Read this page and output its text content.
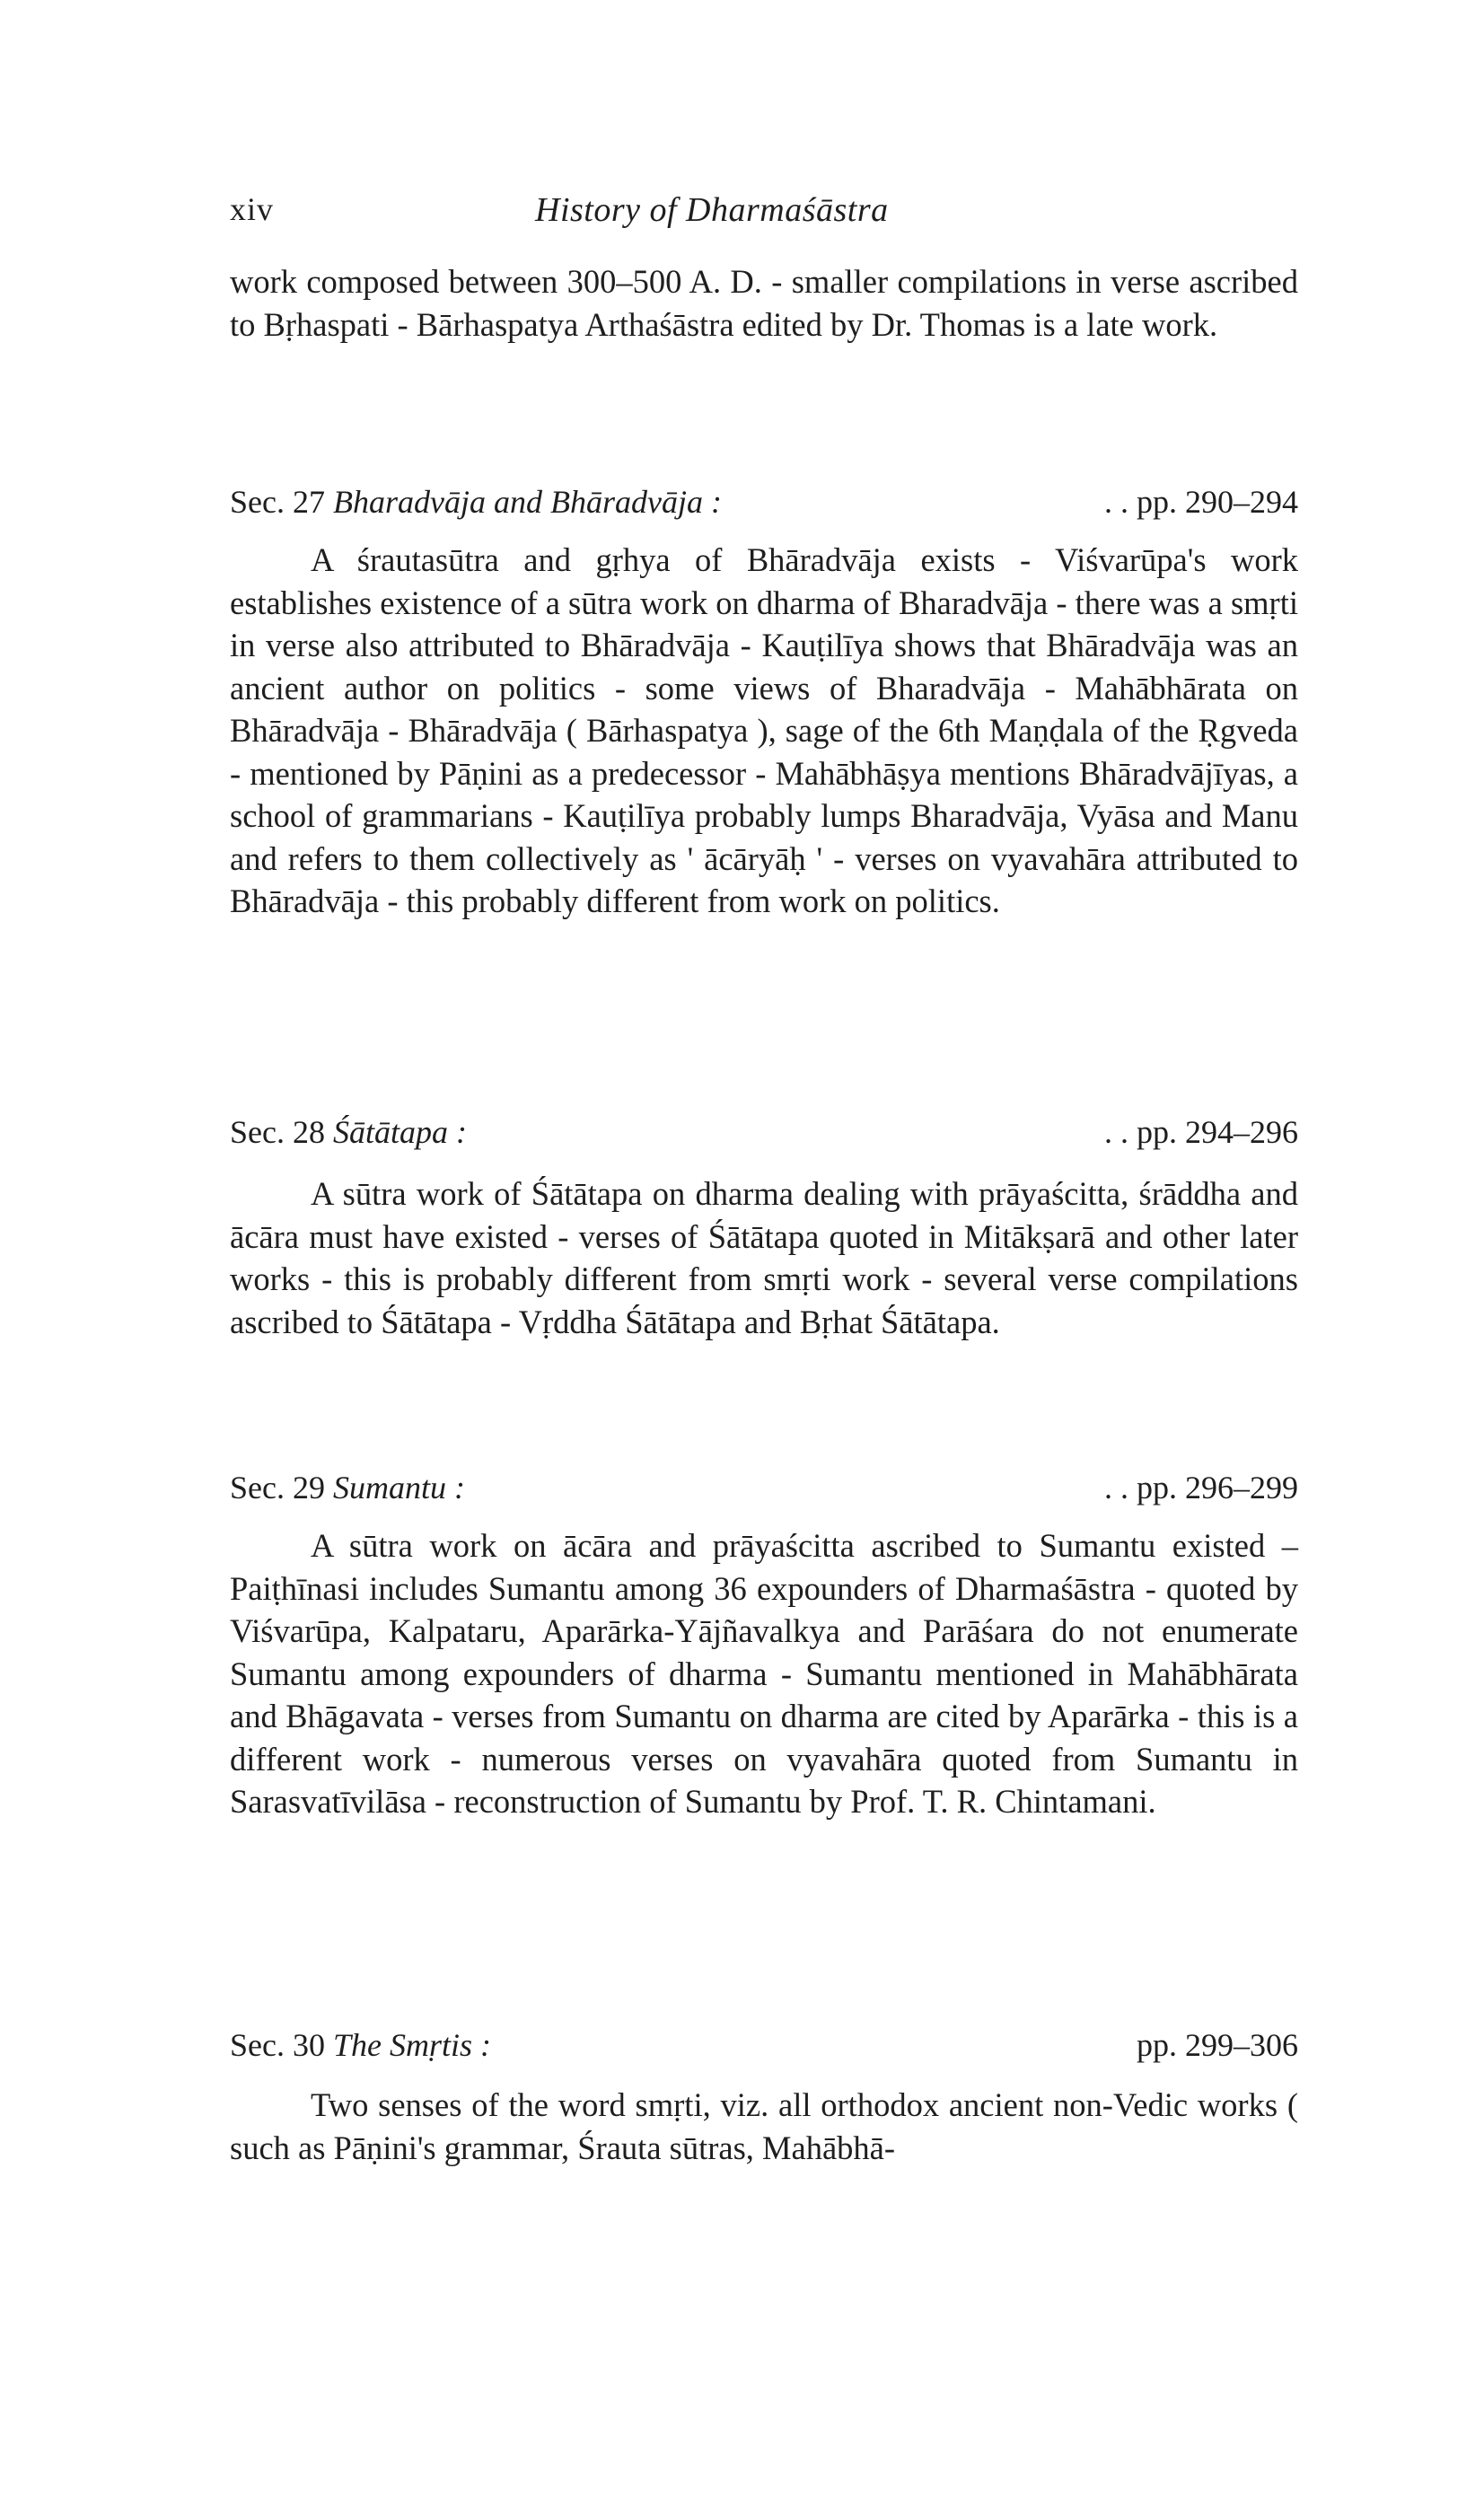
xiv	History of Dharmaśāstra

work composed between 300–500 A. D. - smaller compilations in verse ascribed to Bṛhaspati - Bārhaspatya Arthaśāstra edited by Dr. Thomas is a late work.

Sec. 27 Bharadvāja and Bhāradvāja :	. . pp. 290–294

A śrautasūtra and gṛhya of Bhāradvāja exists - Viśvarūpa's work establishes existence of a sūtra work on dharma of Bharadvāja - there was a smṛti in verse also attributed to Bhāradvāja - Kauṭilīya shows that Bhāradvāja was an ancient author on politics - some views of Bharadvāja - Mahābhārata on Bhāradvāja - Bhāradvāja ( Bārhaspatya ), sage of the 6th Maṇḍala of the Ṛgveda - mentioned by Pāṇini as a predecessor - Mahābhāṣya mentions Bhāradvājīyas, a school of grammarians - Kauṭilīya probably lumps Bharadvāja, Vyāsa and Manu and refers to them collectively as ' ācāryāḥ ' - verses on vyavahāra attributed to Bhāradvāja - this probably different from work on politics.

Sec. 28 Śātātapa :	. . pp. 294–296

A sūtra work of Śātātapa on dharma dealing with prāyaścitta, śrāddha and ācāra must have existed - verses of Śātātapa quoted in Mitākṣarā and other later works - this is probably different from smṛti work - several verse compilations ascribed to Śātātapa - Vṛddha Śātātapa and Bṛhat Śātātapa.

Sec. 29 Sumantu :	. . pp. 296–299

A sūtra work on ācāra and prāyaścitta ascribed to Sumantu existed – Paiṭhīnasi includes Sumantu among 36 expounders of Dharmaśāstra - quoted by Viśvarūpa, Kalpataru, Aparārka-Yājñavalkya and Parāśara do not enumerate Sumantu among expounders of dharma - Sumantu mentioned in Mahābhārata and Bhāgavata - verses from Sumantu on dharma are cited by Aparārka - this is a different work - numerous verses on vyavahāra quoted from Sumantu in Sarasvatīvilāsa - reconstruction of Sumantu by Prof. T. R. Chintamani.

Sec. 30 The Smṛtis :	pp. 299–306

Two senses of the word smṛti, viz. all orthodox ancient non-Vedic works ( such as Pāṇini's grammar, Śrauta sūtras, Mahābhā-
